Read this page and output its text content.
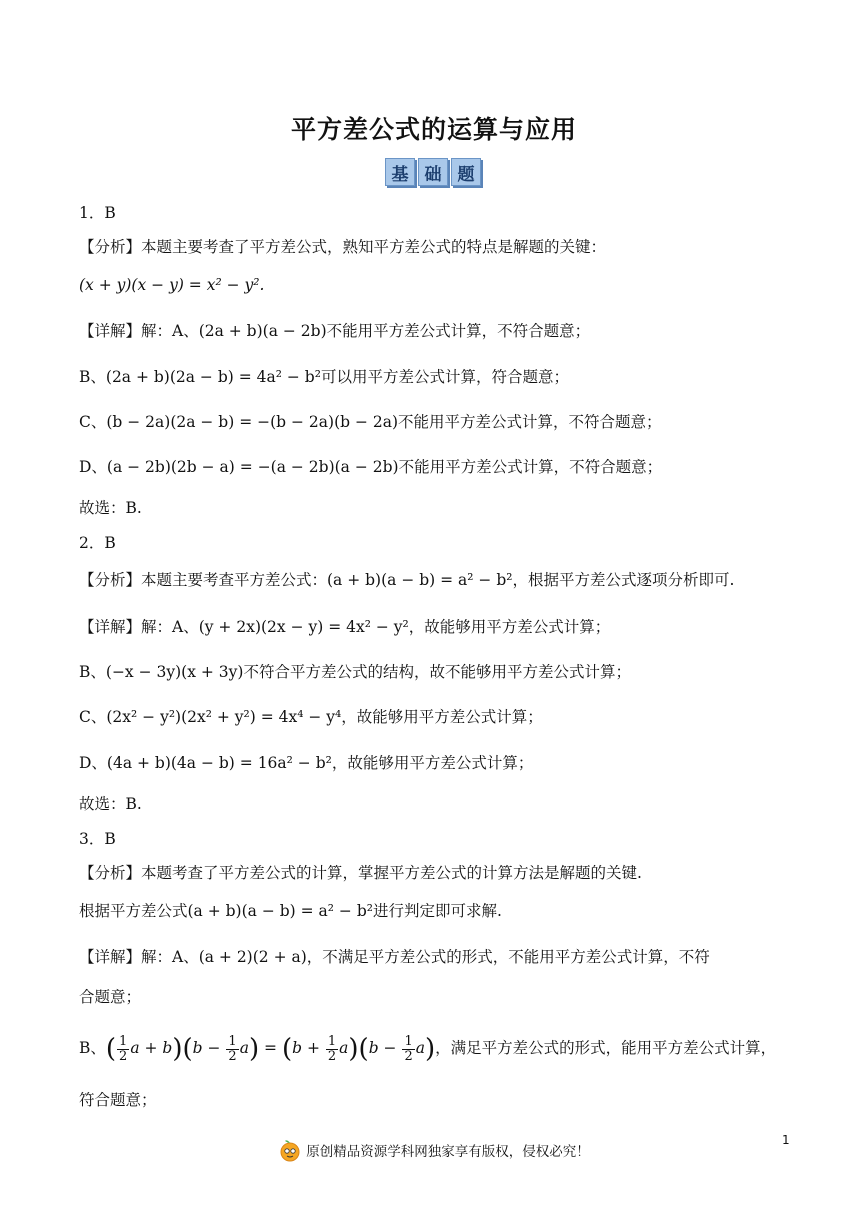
平方差公式的运算与应用
基 础 题
1．B
【分析】本题主要考查了平方差公式，熟知平方差公式的特点是解题的关键：
(x + y)(x − y) = x² − y².
【详解】解：A、(2a + b)(a − 2b)不能用平方差公式计算，不符合题意；
B、(2a + b)(2a − b) = 4a² − b²可以用平方差公式计算，符合题意；
C、(b − 2a)(2a − b) = −(b − 2a)(b − 2a)不能用平方差公式计算，不符合题意；
D、(a − 2b)(2b − a) = −(a − 2b)(a − 2b)不能用平方差公式计算，不符合题意；
故选：B.
2．B
【分析】本题主要考查平方差公式：(a + b)(a − b) = a² − b²，根据平方差公式逐项分析即可.
【详解】解：A、(y + 2x)(2x − y) = 4x² − y²，故能够用平方差公式计算；
B、(−x − 3y)(x + 3y)不符合平方差公式的结构，故不能够用平方差公式计算；
C、(2x² − y²)(2x² + y²) = 4x⁴ − y⁴，故能够用平方差公式计算；
D、(4a + b)(4a − b) = 16a² − b²，故能够用平方差公式计算；
故选：B.
3．B
【分析】本题考查了平方差公式的计算，掌握平方差公式的计算方法是解题的关键.
根据平方差公式(a + b)(a − b) = a² − b²进行判定即可求解.
【详解】解：A、(a + 2)(2 + a)，不满足平方差公式的形式，不能用平方差公式计算，不符
合题意；
B、( $\frac{1}{2}$ $a + b)(b - \frac{1}{2} a) = (b + \frac{1}{2} a)(b - \frac{1}{2} a)$，满足平方差公式的形式，能用平方差公式计算，
符合题意；
原创精品资源学科网独家享有版权，侵权必究！
1
